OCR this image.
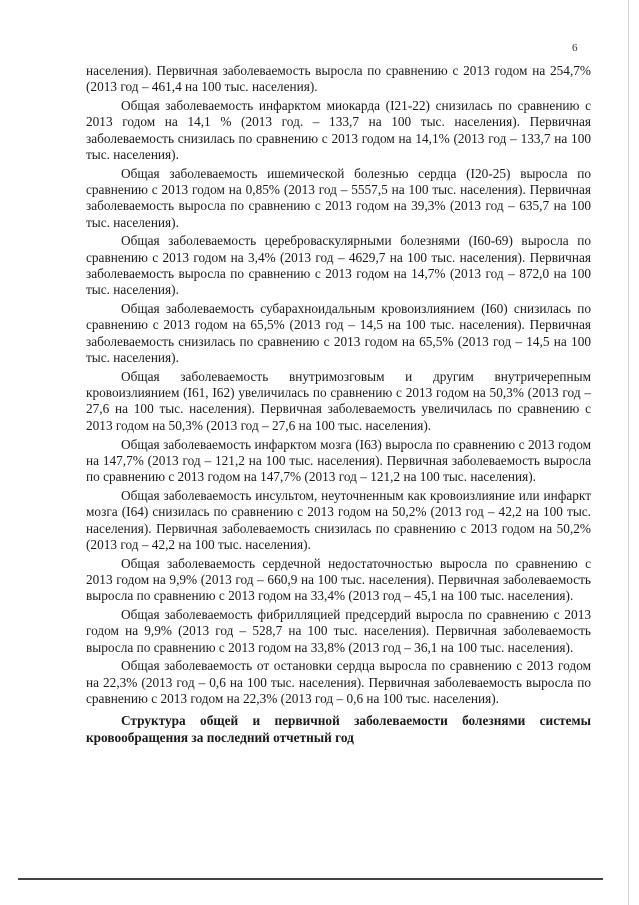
6

населения). Первичная заболеваемость выросла по сравнению с 2013 годом на 254,7% (2013 год – 461,4 на 100 тыс. населения).

Общая заболеваемость инфарктом миокарда (I21-22) снизилась по сравнению с 2013 годом на 14,1 % (2013 год. – 133,7 на 100 тыс. населения). Первичная заболеваемость снизилась по сравнению с 2013 годом на 14,1% (2013 год – 133,7 на 100 тыс. населения).

Общая заболеваемость ишемической болезнью сердца (I20-25) выросла по сравнению с 2013 годом на 0,85% (2013 год – 5557,5 на 100 тыс. населения). Первичная заболеваемость выросла по сравнению с 2013 годом на 39,3% (2013 год – 635,7 на 100 тыс. населения).

Общая заболеваемость цереброваскулярными болезнями (I60-69) выросла по сравнению с 2013 годом на 3,4% (2013 год – 4629,7 на 100 тыс. населения). Первичная заболеваемость выросла по сравнению с 2013 годом на 14,7% (2013 год – 872,0 на 100 тыс. населения).

Общая заболеваемость субарахноидальным кровоизлиянием (I60) снизилась по сравнению с 2013 годом на 65,5% (2013 год – 14,5 на 100 тыс. населения). Первичная заболеваемость снизилась по сравнению с 2013 годом на 65,5% (2013 год – 14,5 на 100 тыс. населения).

Общая заболеваемость внутримозговым и другим внутричерепным кровоизлиянием (I61, I62) увеличилась по сравнению с 2013 годом на 50,3% (2013 год – 27,6 на 100 тыс. населения). Первичная заболеваемость увеличилась по сравнению с 2013 годом на 50,3% (2013 год – 27,6 на 100 тыс. населения).

Общая заболеваемость инфарктом мозга (I63) выросла по сравнению с 2013 годом на 147,7% (2013 год – 121,2 на 100 тыс. населения). Первичная заболеваемость выросла по сравнению с 2013 годом на 147,7% (2013 год – 121,2 на 100 тыс. населения).

Общая заболеваемость инсультом, неуточненным как кровоизлияние или инфаркт мозга (I64) снизилась по сравнению с 2013 годом на 50,2% (2013 год – 42,2 на 100 тыс. населения). Первичная заболеваемость снизилась по сравнению с 2013 годом на 50,2% (2013 год – 42,2 на 100 тыс. населения).

Общая заболеваемость сердечной недостаточностью выросла по сравнению с 2013 годом на 9,9% (2013 год – 660,9 на 100 тыс. населения). Первичная заболеваемость выросла по сравнению с 2013 годом на 33,4% (2013 год – 45,1 на 100 тыс. населения).

Общая заболеваемость фибрилляцией предсердий выросла по сравнению с 2013 годом на 9,9% (2013 год – 528,7 на 100 тыс. населения). Первичная заболеваемость выросла по сравнению с 2013 годом на 33,8% (2013 год – 36,1 на 100 тыс. населения).

Общая заболеваемость от остановки сердца выросла по сравнению с 2013 годом на 22,3% (2013 год – 0,6 на 100 тыс. населения). Первичная заболеваемость выросла по сравнению с 2013 годом на 22,3% (2013 год – 0,6 на 100 тыс. населения).

Структура общей и первичной заболеваемости болезнями системы кровообращения за последний отчетный год
